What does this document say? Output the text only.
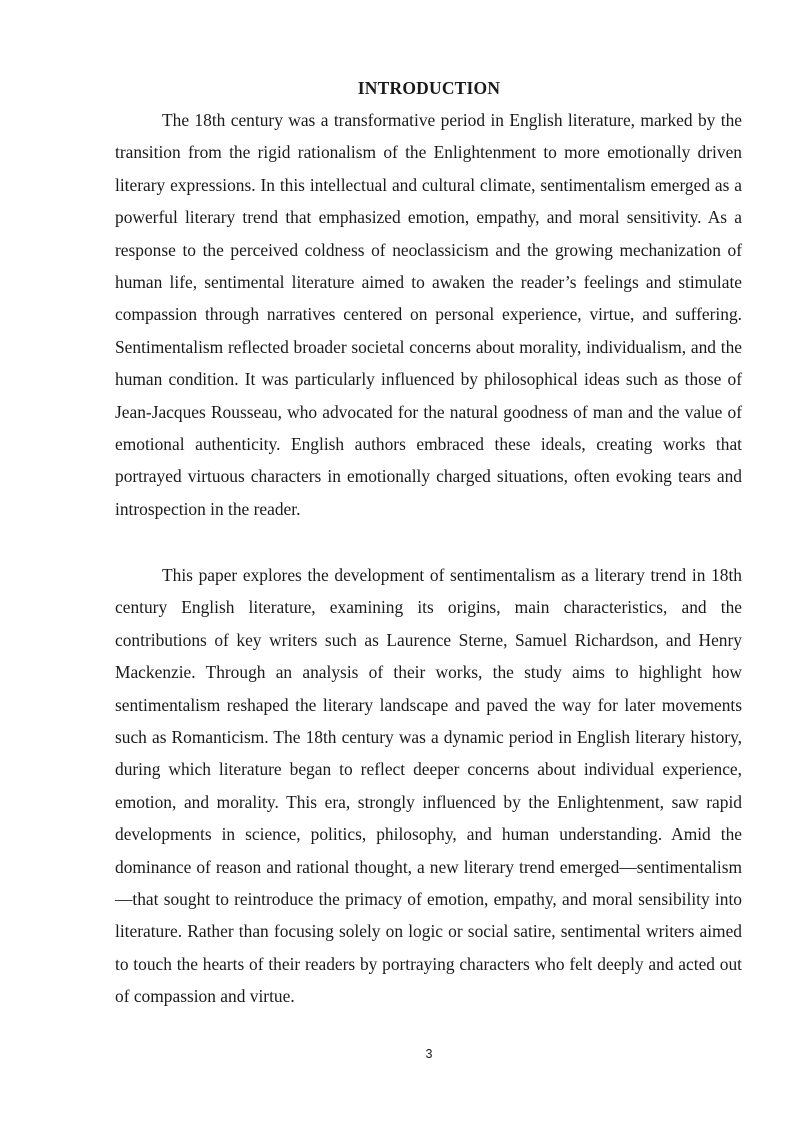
INTRODUCTION

The 18th century was a transformative period in English literature, marked by the transition from the rigid rationalism of the Enlightenment to more emotionally driven literary expressions. In this intellectual and cultural climate, sentimentalism emerged as a powerful literary trend that emphasized emotion, empathy, and moral sensitivity. As a response to the perceived coldness of neoclassicism and the growing mechanization of human life, sentimental literature aimed to awaken the reader’s feelings and stimulate compassion through narratives centered on personal experience, virtue, and suffering. Sentimentalism reflected broader societal concerns about morality, individualism, and the human condition. It was particularly influenced by philosophical ideas such as those of Jean-Jacques Rousseau, who advocated for the natural goodness of man and the value of emotional authenticity. English authors embraced these ideals, creating works that portrayed virtuous characters in emotionally charged situations, often evoking tears and introspection in the reader.

This paper explores the development of sentimentalism as a literary trend in 18th century English literature, examining its origins, main characteristics, and the contributions of key writers such as Laurence Sterne, Samuel Richardson, and Henry Mackenzie. Through an analysis of their works, the study aims to highlight how sentimentalism reshaped the literary landscape and paved the way for later movements such as Romanticism. The 18th century was a dynamic period in English literary history, during which literature began to reflect deeper concerns about individual experience, emotion, and morality. This era, strongly influenced by the Enlightenment, saw rapid developments in science, politics, philosophy, and human understanding. Amid the dominance of reason and rational thought, a new literary trend emerged—sentimentalism—that sought to reintroduce the primacy of emotion, empathy, and moral sensibility into literature. Rather than focusing solely on logic or social satire, sentimental writers aimed to touch the hearts of their readers by portraying characters who felt deeply and acted out of compassion and virtue.

3
